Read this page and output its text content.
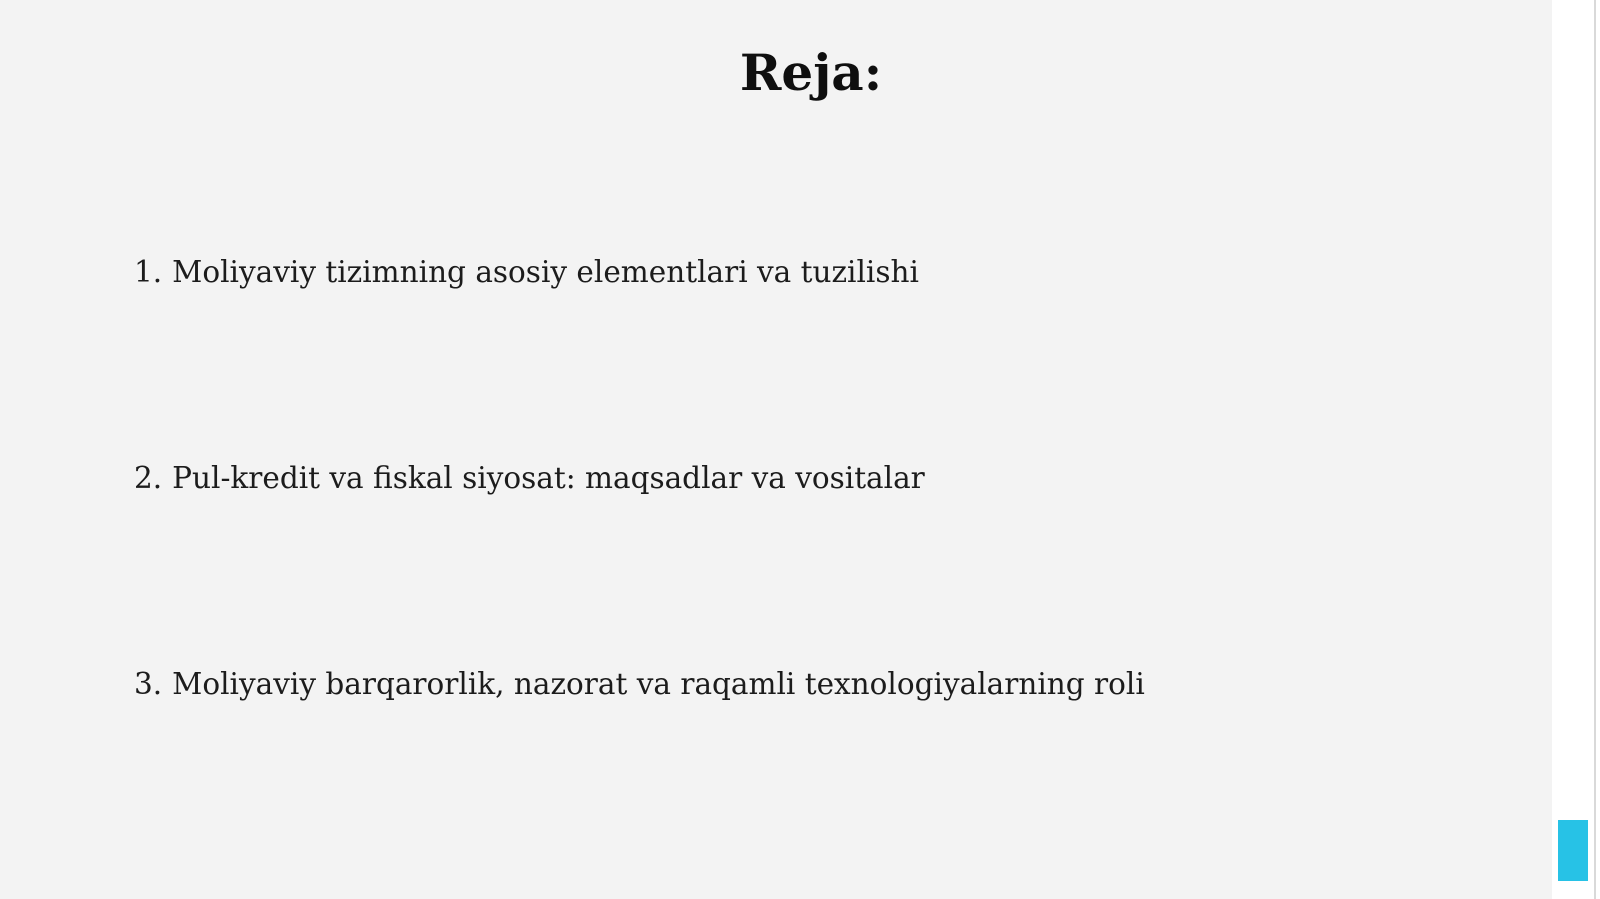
Reja:

1. Moliyaviy tizimning asosiy elementlari va tuzilishi

2. Pul-kredit va fiskal siyosat: maqsadlar va vositalar

3. Moliyaviy barqarorlik, nazorat va raqamli texnologiyalarning roli
